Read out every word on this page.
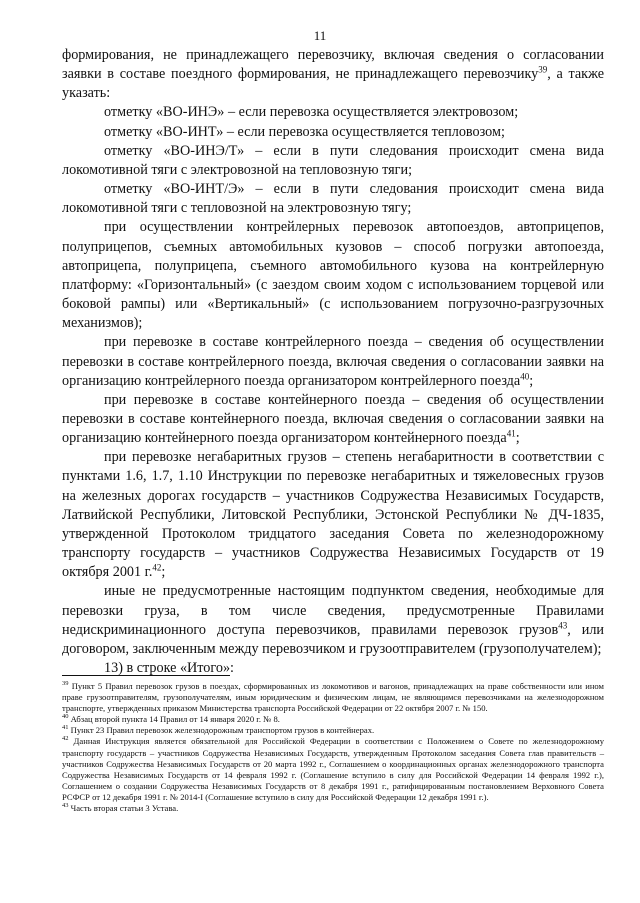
11

формирования, не принадлежащего перевозчику, включая сведения о согласовании заявки в составе поездного формирования, не принадлежащего перевозчику$^{39}$, а также указать:

отметку «ВО-ИНЭ» – если перевозка осуществляется электровозом;

отметку «ВО-ИНТ» – если перевозка осуществляется тепловозом;

отметку «ВО-ИНЭ/Т» – если в пути следования происходит смена вида локомотивной тяги с электровозной на тепловозную тяги;

отметку «ВО-ИНТ/Э» – если в пути следования происходит смена вида локомотивной тяги с тепловозной на электровозную тягу;

при осуществлении контрейлерных перевозок автопоездов, автоприцепов, полуприцепов, съемных автомобильных кузовов – способ погрузки автопоезда, автоприцепа, полуприцепа, съемного автомобильного кузова на контрейлерную платформу: «Горизонтальный» (с заездом своим ходом с использованием торцевой или боковой рампы) или «Вертикальный» (с использованием погрузочно-разгрузочных механизмов);

при перевозке в составе контрейлерного поезда – сведения об осуществлении перевозки в составе контрейлерного поезда, включая сведения о согласовании заявки на организацию контрейлерного поезда организатором контрейлерного поезда$^{40}$;

при перевозке в составе контейнерного поезда – сведения об осуществлении перевозки в составе контейнерного поезда, включая сведения о согласовании заявки на организацию контейнерного поезда организатором контейнерного поезда$^{41}$;

при перевозке негабаритных грузов – степень негабаритности в соответствии с пунктами 1.6, 1.7, 1.10 Инструкции по перевозке негабаритных и тяжеловесных грузов на железных дорогах государств – участников Содружества Независимых Государств, Латвийской Республики, Литовской Республики, Эстонской Республики № ДЧ-1835, утвержденной Протоколом тридцатого заседания Совета по железнодорожному транспорту государств – участников Содружества Независимых Государств от 19 октября 2001 г.$^{42}$;

иные не предусмотренные настоящим подпунктом сведения, необходимые для перевозки груза, в том числе сведения, предусмотренные Правилами недискриминационного доступа перевозчиков, правилами перевозок грузов$^{43}$, или договором, заключенным между перевозчиком и грузоотправителем (грузополучателем);

13) в строке «Итого»:

$^{39}$ Пункт 5 Правил перевозок грузов в поездах, сформированных из локомотивов и вагонов, принадлежащих на праве собственности или ином праве грузоотправителям, грузополучателям, иным юридическим и физическим лицам, не являющимся перевозчиками на железнодорожном транспорте, утвержденных приказом Министерства транспорта Российской Федерации от 22 октября 2007 г. № 150.

$^{40}$ Абзац второй пункта 14 Правил от 14 января 2020 г. № 8.

$^{41}$ Пункт 23 Правил перевозок железнодорожным транспортом грузов в контейнерах.

$^{42}$ Данная Инструкция является обязательной для Российской Федерации в соответствии с Положением о Совете по железнодорожному транспорту государств – участников Содружества Независимых Государств, утвержденным Протоколом заседания Совета глав правительств – участников Содружества Независимых Государств от 20 марта 1992 г., Соглашением о координационных органах железнодорожного транспорта Содружества Независимых Государств от 14 февраля 1992 г. (Соглашение вступило в силу для Российской Федерации 14 февраля 1992 г.), Соглашением о создании Содружества Независимых Государств от 8 декабря 1991 г., ратифицированным постановлением Верховного Совета РСФСР от 12 декабря 1991 г. № 2014-I (Соглашение вступило в силу для Российской Федерации 12 декабря 1991 г.).

$^{43}$ Часть вторая статьи 3 Устава.
